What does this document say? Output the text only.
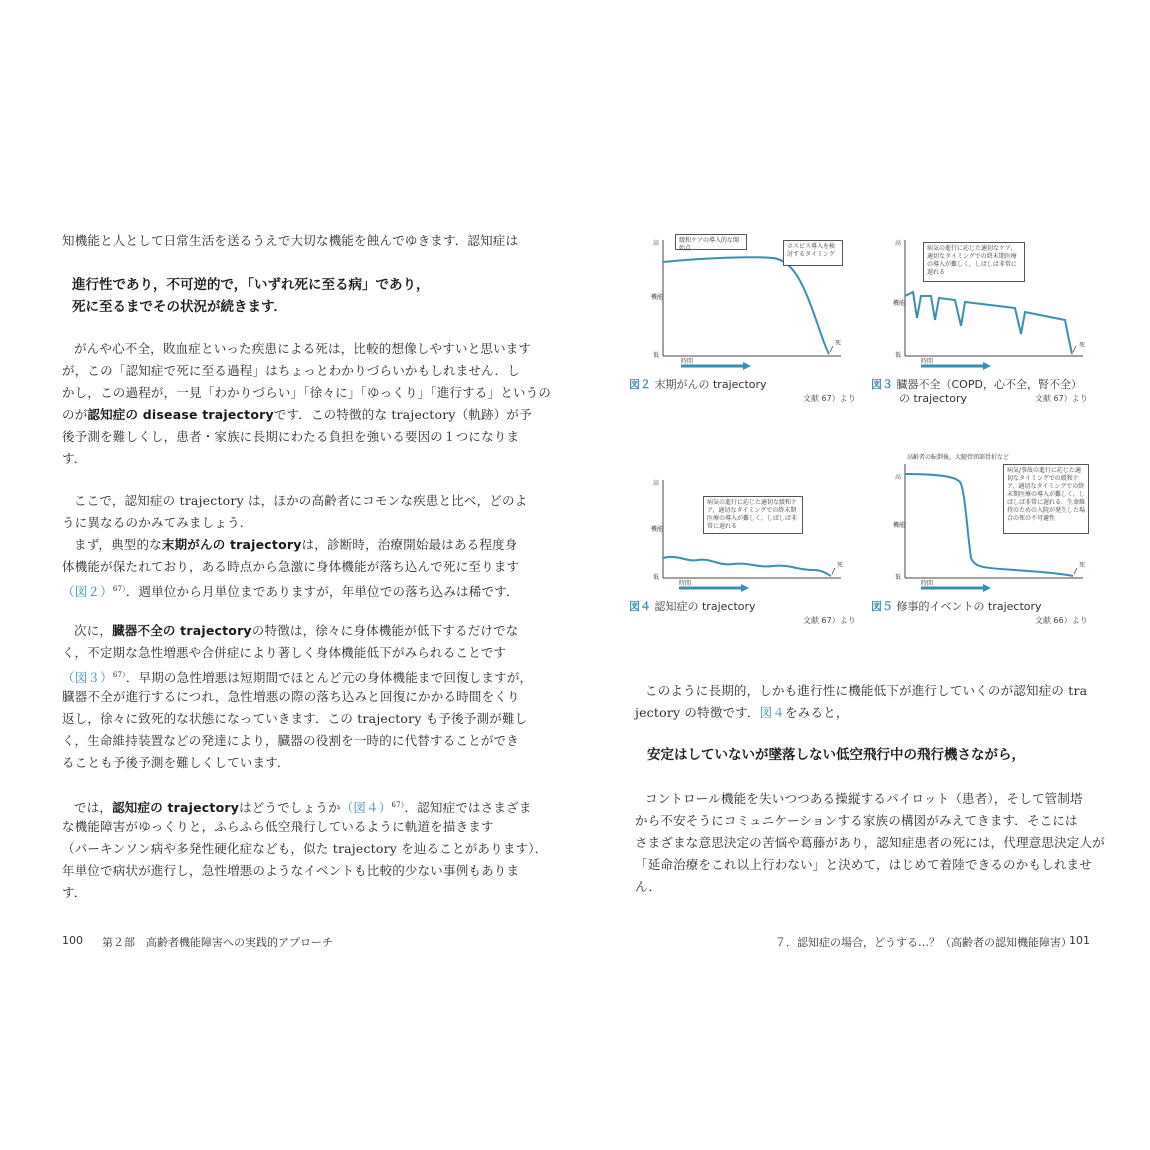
知機能と人として日常生活を送るうえで大切な機能を蝕んでゆきます．認知症は
進行性であり，不可逆的で，「いずれ死に至る病」であり，
死に至るまでその状況が続きます．
がんや心不全，敗血症といった疾患による死は，比較的想像しやすいと思います
が，この「認知症で死に至る過程」はちょっとわかりづらいかもしれません．し
かし，この過程が，一見「わかりづらい」「徐々に」「ゆっくり」「進行する」というの
のが認知症の disease trajectoryです．この特徴的な trajectory（軌跡）が予
後予測を難しくし，患者・家族に長期にわたる負担を強いる要因の１つになりま
す．
ここで，認知症の trajectory は，ほかの高齢者にコモンな疾患と比べ，どのよ
うに異なるのかみてみましょう．
まず，典型的な末期がんの trajectoryは，診断時，治療開始最はある程度身
体機能が保たれており，ある時点から急激に身体機能が落ち込んで死に至ります
（図２）$^{67)}$．週単位から月単位までありますが，年単位での落ち込みは稀です．
次に，臓器不全の trajectoryの特徴は，徐々に身体機能が低下するだけでな
く，不定期な急性増悪や合併症により著しく身体機能低下がみられることです
（図３）$^{67)}$．早期の急性増悪は短期間でほとんど元の身体機能まで回復しますが，
臓器不全が進行するにつれ，急性増悪の際の落ち込みと回復にかかる時間をくり
返し，徐々に致死的な状態になっていきます．この trajectory も予後予測が難し
く，生命維持装置などの発達により，臓器の役割を一時的に代替することができ
ることも予後予測を難しくしています．
では，認知症の trajectoryはどうでしょうか（図４）$^{67)}$．認知症ではさまざま
な機能障害がゆっくりと，ふらふら低空飛行しているように軌道を描きます
（パーキンソン病や多発性硬化症なども，似た trajectory を辿ることがあります）．
年単位で病状が進行し，急性増悪のようなイベントも比較的少ない事例もありま
す．
100 第２部　高齢者機能障害への実践的アプローチ
緩和ケアの導入的な開始点	ホスピス導入を検討するタイミング
高
機能
低
時間
死
図２ 末期がんの trajectory
文献 67）より
病気の進行に応じた適切なケア，適切なタイミングでの終末期医療の導入が難しく，しばしば非常に遅れる
高
機能
低
時間
死
図３ 臓器不全（COPD，心不全，腎不全）
の trajectory	文献 67）より
病気の進行に応じた適切な緩和ケア，適切なタイミングでの終末期医療の導入が難しく，しばしば非常に遅れる
高
機能
低
時間
死
図４ 認知症の trajectory
文献 67）より
高齢者の転倒後，大腿骨頸部骨折など
病気/事故の進行に応じた適切なタイミングでの緩和ケア，適切なタイミングでの終末期医療の導入が難しく，しばしば非常に遅れる．生命維持のための入院が発生した場合の死の不可避性
高
機能
低
時間
死
図５ 修事的イベントの trajectory
文献 66）より
このように長期的，しかも進行性に機能低下が進行していくのが認知症の tra
jectory の特徴です．図４をみると，
安定はしていないが墜落しない低空飛行中の飛行機さながら，
コントロール機能を失いつつある操縦するパイロット（患者），そして管制塔
から不安そうにコミュニケーションする家族の構図がみえてきます．そこには
さまざまな意思決定の苦悩や葛藤があり，認知症患者の死には，代理意思決定人が
「延命治療をこれ以上行わない」と決めて，はじめて着陸できるのかもしれませ
ん．
７．認知症の場合，どうする…？（高齢者の認知機能障害）
101
